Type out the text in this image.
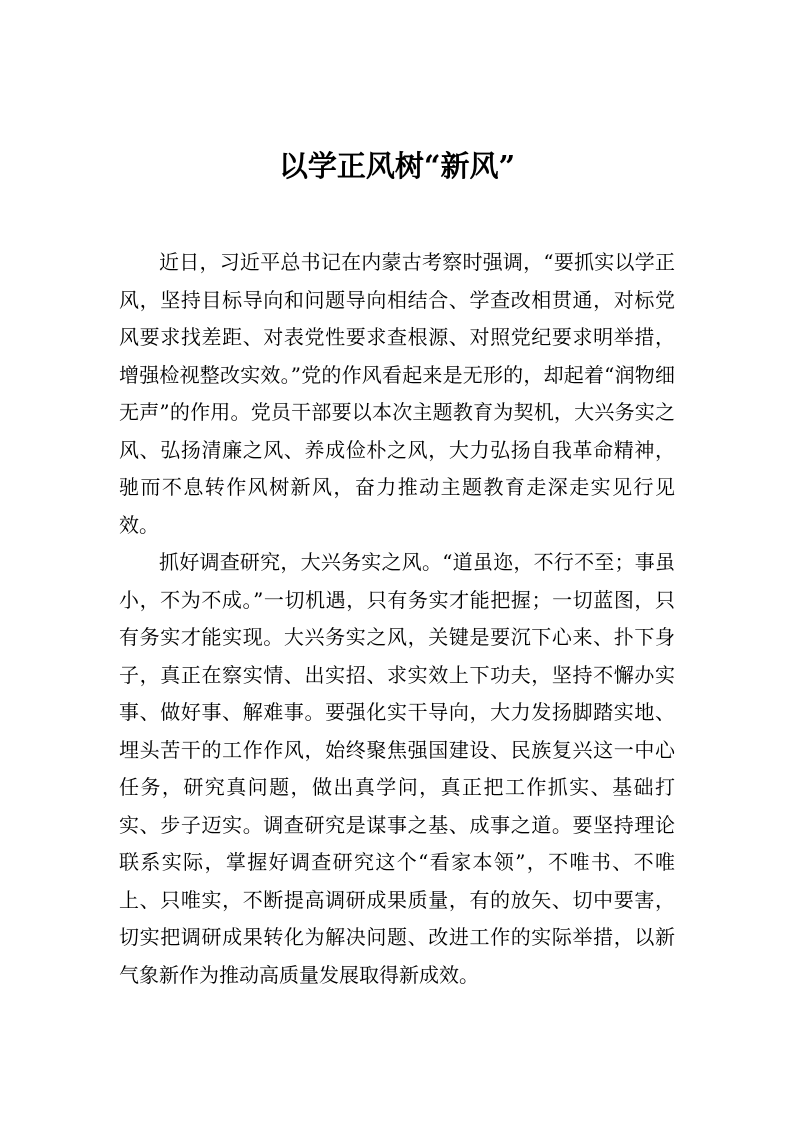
以学正风树“新风”

近日，习近平总书记在内蒙古考察时强调，“要抓实以学正风，坚持目标导向和问题导向相结合、学查改相贯通，对标党风要求找差距、对表党性要求查根源、对照党纪要求明举措，增强检视整改实效。”党的作风看起来是无形的，却起着“润物细无声”的作用。党员干部要以本次主题教育为契机，大兴务实之风、弘扬清廉之风、养成俭朴之风，大力弘扬自我革命精神，驰而不息转作风树新风，奋力推动主题教育走深走实见行见效。

抓好调查研究，大兴务实之风。“道虽迩，不行不至；事虽小，不为不成。”一切机遇，只有务实才能把握；一切蓝图，只有务实才能实现。大兴务实之风，关键是要沉下心来、扑下身子，真正在察实情、出实招、求实效上下功夫，坚持不懈办实事、做好事、解难事。要强化实干导向，大力发扬脚踏实地、埋头苦干的工作作风，始终聚焦强国建设、民族复兴这一中心任务，研究真问题，做出真学问，真正把工作抓实、基础打实、步子迈实。调查研究是谋事之基、成事之道。要坚持理论联系实际，掌握好调查研究这个“看家本领”，不唯书、不唯上、只唯实，不断提高调研成果质量，有的放矢、切中要害，切实把调研成果转化为解决问题、改进工作的实际举措，以新气象新作为推动高质量发展取得新成效。
